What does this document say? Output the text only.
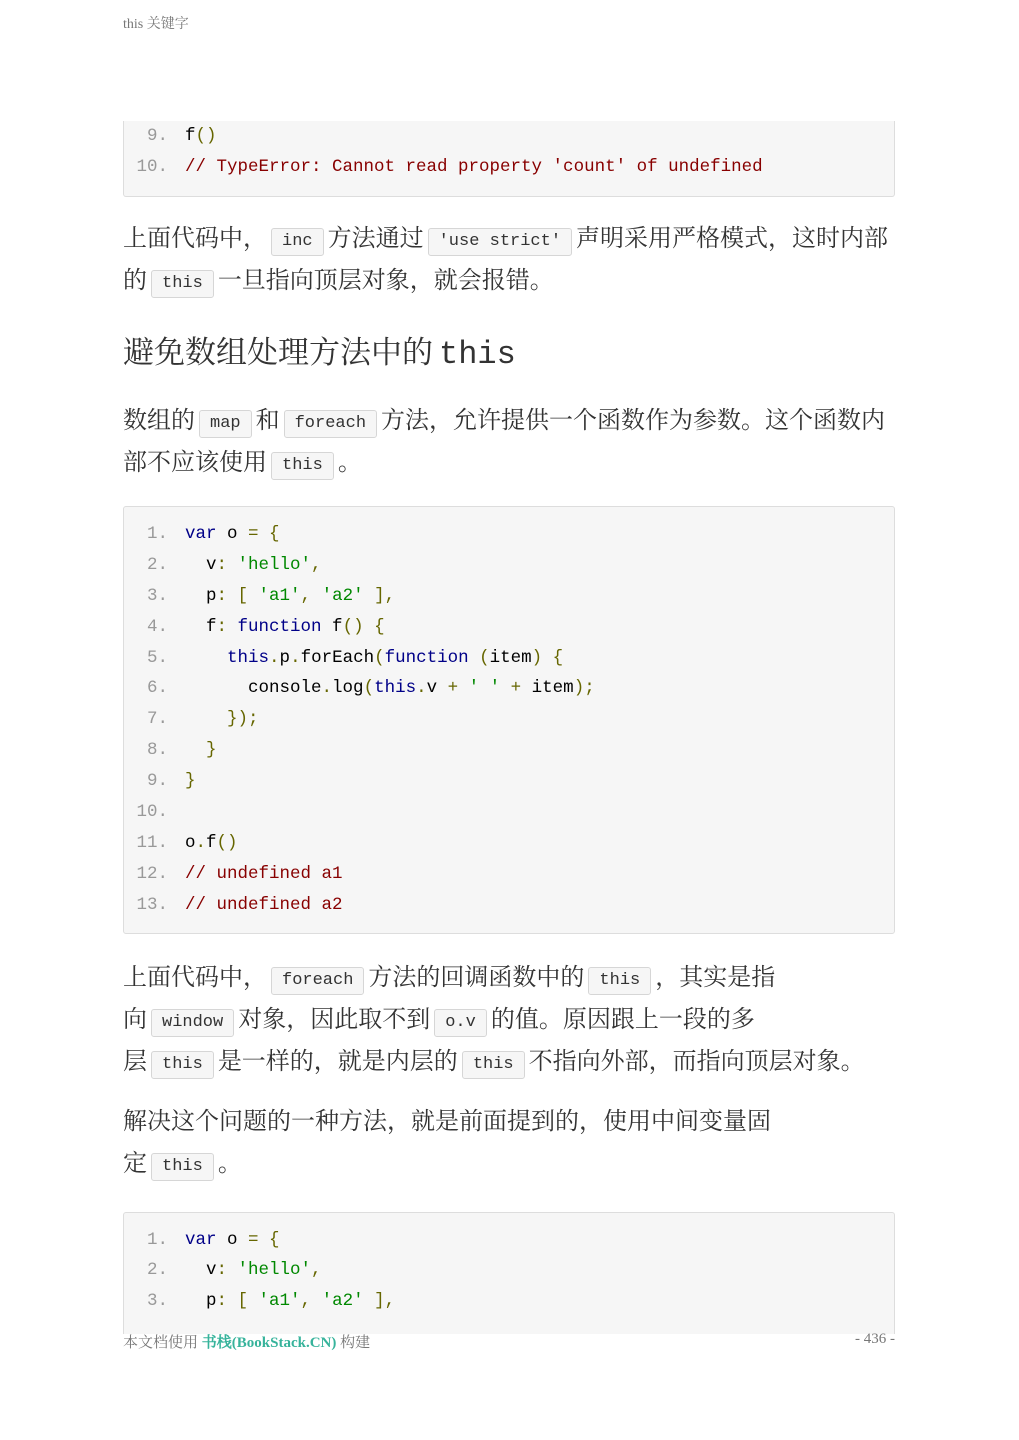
this 关键字
9. f()
10. // TypeError: Cannot read property 'count' of undefined

上面代码中， inc 方法通过 'use strict' 声明采用严格模式，这时内部的 this 一旦指向顶层对象，就会报错。

避免数组处理方法中的 this

数组的 map 和 foreach 方法，允许提供一个函数作为参数。这个函数内部不应该使用 this 。

1. var o = {
2. v: 'hello',
3. p: [ 'a1', 'a2' ],
4. f: function f() {
5.	this.p.forEach(function (item) {
6. console.log(this.v + ' ' + item);
7.	});
8.	}
9. }
10.
11. o.f()
12. // undefined a1
13. // undefined a2

上面代码中， foreach 方法的回调函数中的 this ，其实是指
向 window 对象，因此取不到 o.v 的值。原因跟上一段的多
层 this 是一样的，就是内层的 this 不指向外部，而指向顶层对象。

解决这个问题的一种方法，就是前面提到的，使用中间变量固
定 this 。

1. var o = {
2. v: 'hello',
3. p: [ 'a1', 'a2' ],
本文档使用 书栈(BookStack.CN) 构建	- 436 -
